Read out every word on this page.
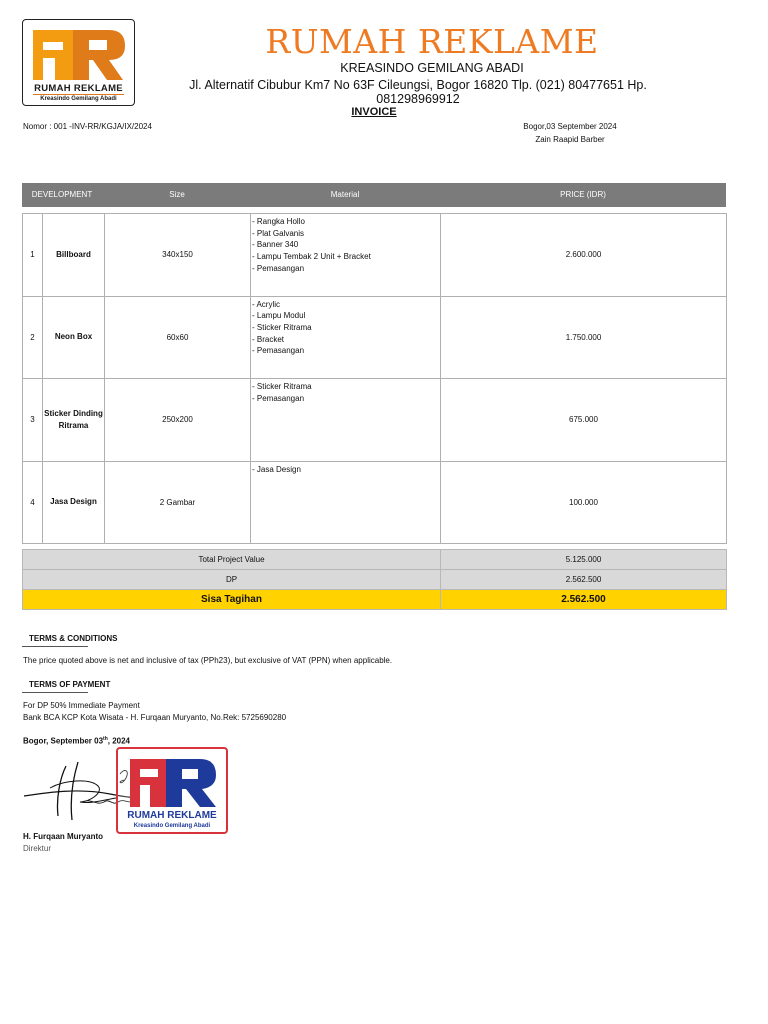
RUMAH REKLAME
Kreasindo Gemilang Abadi
RUMAH REKLAME
KREASINDO GEMILANG ABADI
Jl. Alternatif Cibubur Km7 No 63F Cileungsi, Bogor 16820 Tlp. (021) 80477651 Hp. 081298969912
INVOICE
Nomor : 001 -INV-RR/KGJA/IX/2024	Bogor,03 September 2024
Zain Raapid Barber
DEVELOPMENT	Size	Material	PRICE (IDR)
1	Billboard	340x150	- Rangka Hollo
- Plat Galvanis
- Banner 340
- Lampu Tembak 2 Unit + Bracket
- Pemasangan	2.600.000
2	Neon Box	60x60	- Acrylic
- Lampu Modul
- Sticker Ritrama
- Bracket
- Pemasangan	1.750.000
3	Sticker Dinding Ritrama	250x200	- Sticker Ritrama
- Pemasangan	675.000
4	Jasa Design	2 Gambar	- Jasa Design	100.000
Total Project Value	5.125.000
DP	2.562.500
Sisa Tagihan	2.562.500
TERMS & CONDITIONS
The price quoted above is net and inclusive of tax (PPh23), but exclusive of VAT (PPN) when applicable.
TERMS OF PAYMENT
For DP 50% Immediate Payment
Bank BCA KCP Kota Wisata - H. Furqaan Muryanto, No.Rek: 5725690280
Bogor, September 03th, 2024
RUMAH REKLAME
Kreasindo Gemilang Abadi
H. Furqaan Muryanto
Direktur
